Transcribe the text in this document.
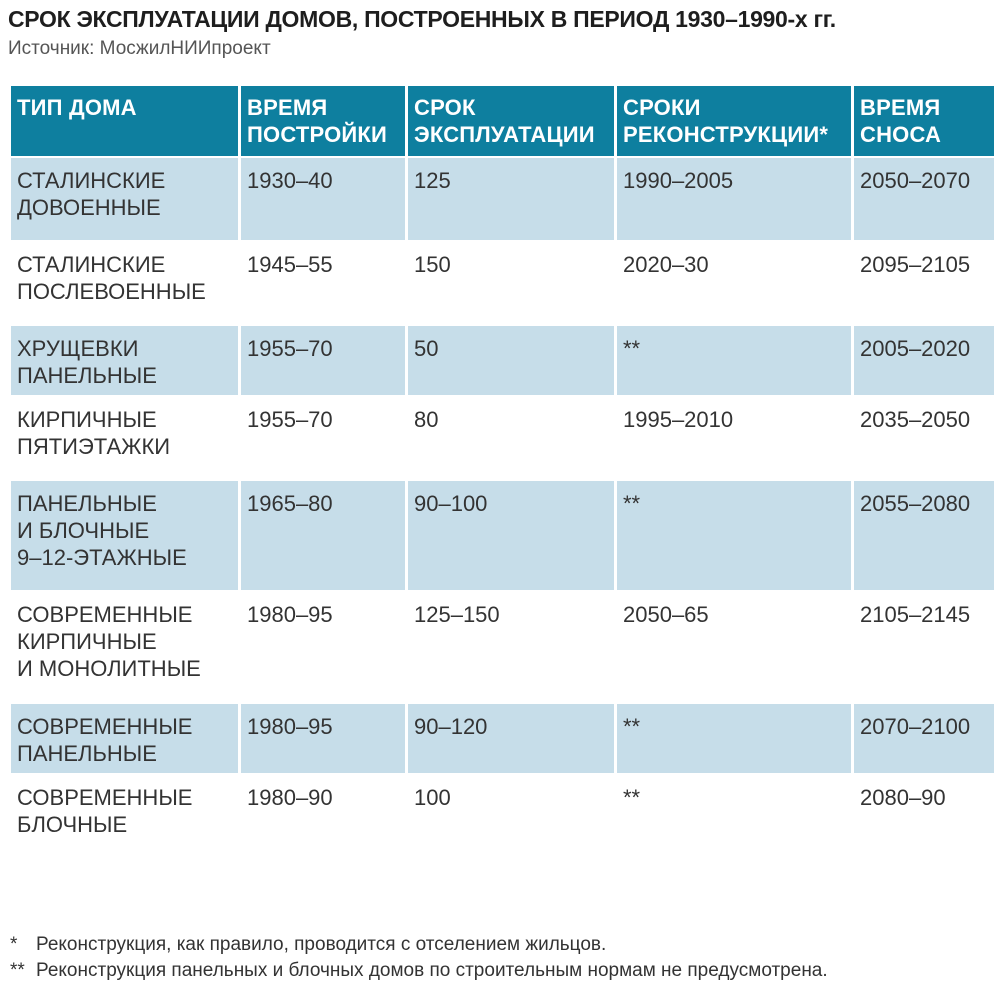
СРОК ЭКСПЛУАТАЦИИ ДОМОВ, ПОСТРОЕННЫХ В ПЕРИОД 1930–1990-х гг.
Источник: МосжилНИИпроект
ТИП ДОМА	ВРЕМЯ ПОСТРОЙКИ	СРОК ЭКСПЛУАТАЦИИ	СРОКИ РЕКОНСТРУКЦИИ*	ВРЕМЯ СНОСА

СТАЛИНСКИЕ
ДОВОЕННЫЕ	1930–40	125	1990–2005	2050–2070

СТАЛИНСКИЕ
ПОСЛЕВОЕННЫЕ	1945–55	150	2020–30	2095–2105

ХРУЩЕВКИ
ПАНЕЛЬНЫЕ	1955–70	50	**	2005–2020

КИРПИЧНЫЕ
ПЯТИЭТАЖКИ	1955–70	80	1995–2010	2035–2050

ПАНЕЛЬНЫЕ
И БЛОЧНЫЕ
9–12-ЭТАЖНЫЕ	1965–80	90–100	**	2055–2080

СОВРЕМЕННЫЕ
КИРПИЧНЫЕ
И МОНОЛИТНЫЕ	1980–95	125–150	2050–65	2105–2145

СОВРЕМЕННЫЕ
ПАНЕЛЬНЫЕ	1980–95	90–120	**	2070–2100

СОВРЕМЕННЫЕ
БЛОЧНЫЕ	1980–90	100	**	2080–90
* Реконструкция, как правило, проводится с отселением жильцов.
** Реконструкция панельных и блочных домов по строительным нормам не предусмотрена.
